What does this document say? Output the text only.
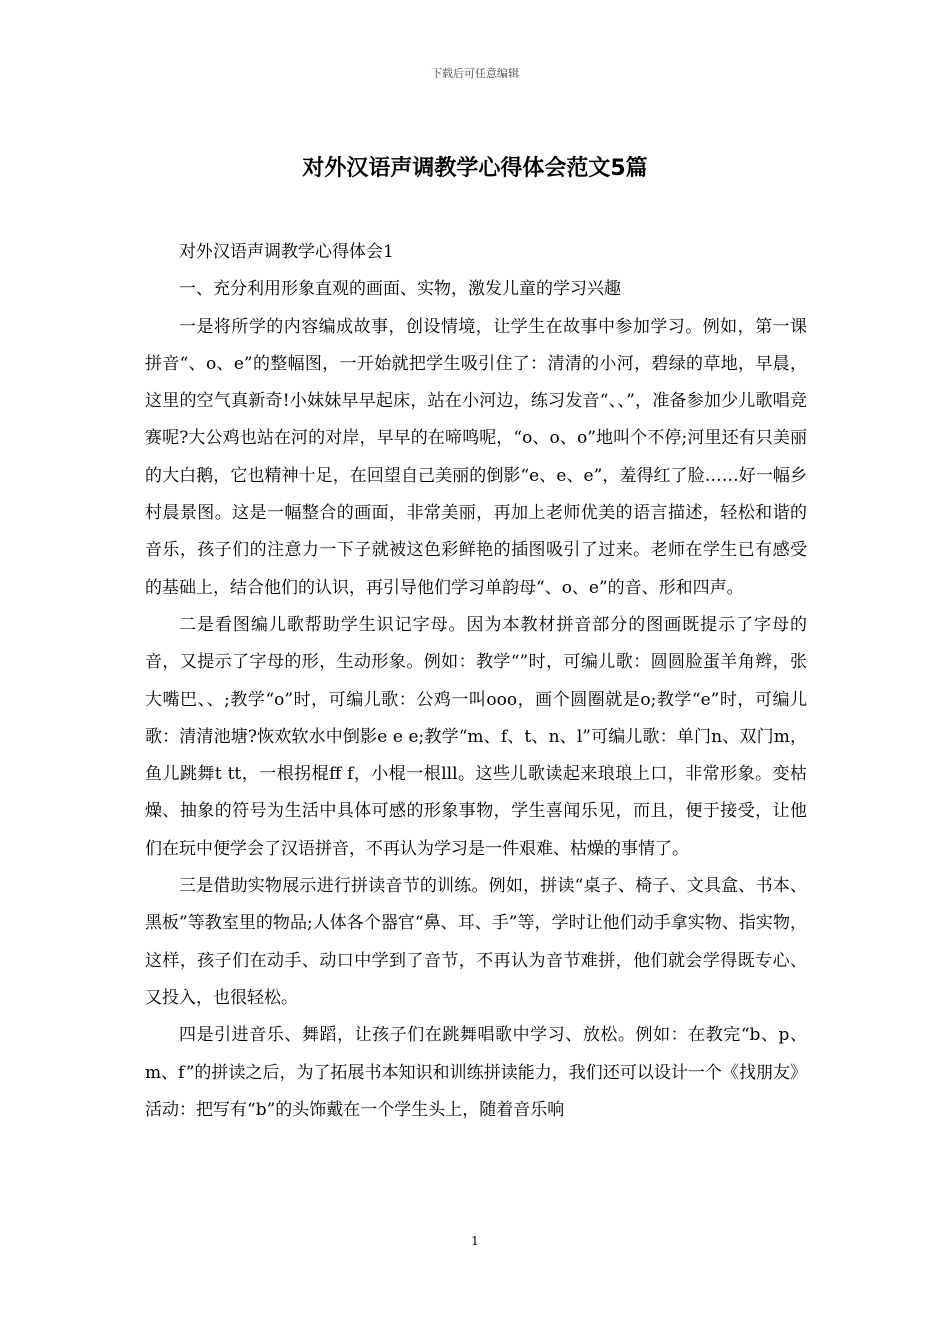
下载后可任意编辑
对外汉语声调教学心得体会范文5篇

对外汉语声调教学心得体会1

一、充分利用形象直观的画面、实物，激发儿童的学习兴趣

一是将所学的内容编成故事，创设情境，让学生在故事中参加学习。例如，第一课拼音“、o、e”的整幅图，一开始就把学生吸引住了：清清的小河，碧绿的草地，早晨，这里的空气真新奇!小妹妹早早起床，站在小河边，练习发音“、、”，准备参加少儿歌唱竞赛呢?大公鸡也站在河的对岸，早早的在啼鸣呢，“o、o、o”地叫个不停;河里还有只美丽的大白鹅，它也精神十足，在回望自己美丽的倒影“e、e、e”，羞得红了脸……好一幅乡村晨景图。这是一幅整合的画面，非常美丽，再加上老师优美的语言描述，轻松和谐的音乐，孩子们的注意力一下子就被这色彩鲜艳的插图吸引了过来。老师在学生已有感受的基础上，结合他们的认识，再引导他们学习单韵母“、o、e”的音、形和四声。

二是看图编儿歌帮助学生识记字母。因为本教材拼音部分的图画既提示了字母的音，又提示了字母的形，生动形象。例如：教学“”时，可编儿歌：圆圆脸蛋羊角辫，张大嘴巴、、;教学“o”时，可编儿歌：公鸡一叫ooo，画个圆圈就是o;教学“e”时，可编儿歌：清清池塘?恢欢软水中倒影e e e;教学“m、f、t、n、l”可编儿歌：单门n、双门m，鱼儿跳舞t tt，一根拐棍ff f，小棍一根lll。这些儿歌读起来琅琅上口，非常形象。变枯燥、抽象的符号为生活中具体可感的形象事物，学生喜闻乐见，而且，便于接受，让他们在玩中便学会了汉语拼音，不再认为学习是一件艰难、枯燥的事情了。

三是借助实物展示进行拼读音节的训练。例如，拼读“桌子、椅子、文具盒、书本、黑板”等教室里的物品;人体各个器官“鼻、耳、手”等，学时让他们动手拿实物、指实物，这样，孩子们在动手、动口中学到了音节，不再认为音节难拼，他们就会学得既专心、又投入，也很轻松。

四是引进音乐、舞蹈，让孩子们在跳舞唱歌中学习、放松。例如：在教完“b、p、m、f”的拼读之后，为了拓展书本知识和训练拼读能力，我们还可以设计一个《找朋友》活动：把写有“b”的头饰戴在一个学生头上，随着音乐响

1
